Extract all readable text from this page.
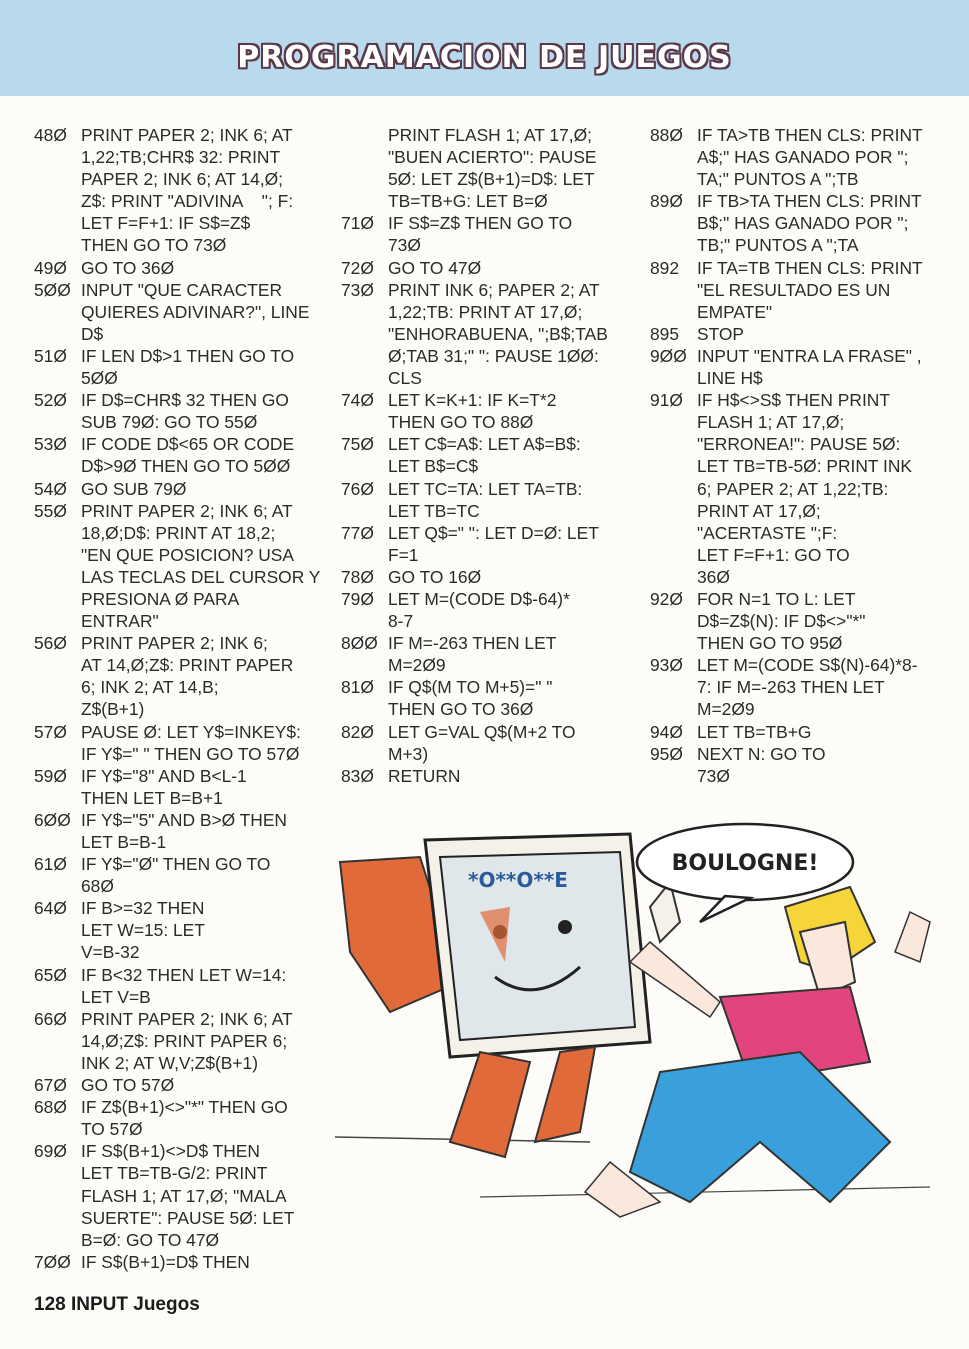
PROGRAMACION DE JUEGOS
48Ø PRINT PAPER 2; INK 6; AT
1,22;TB;CHR$ 32: PRINT
PAPER 2; INK 6; AT 14,Ø;
Z$: PRINT "ADIVINA    "; F:
LET F=F+1: IF S$=Z$
THEN GO TO 73Ø
49Ø GO TO 36Ø
5ØØ INPUT "QUE CARACTER
QUIERES ADIVINAR?", LINE
D$
51Ø IF LEN D$>1 THEN GO TO
5ØØ
52Ø IF D$=CHR$ 32 THEN GO
SUB 79Ø: GO TO 55Ø
53Ø IF CODE D$<65 OR CODE
D$>9Ø THEN GO TO 5ØØ
54Ø GO SUB 79Ø
55Ø PRINT PAPER 2; INK 6; AT
18,Ø;D$: PRINT AT 18,2;
"EN QUE POSICION? USA
LAS TECLAS DEL CURSOR Y
PRESIONA Ø PARA
ENTRAR"
56Ø PRINT PAPER 2; INK 6;
AT 14,Ø;Z$: PRINT PAPER
6; INK 2; AT 14,B;
Z$(B+1)
57Ø PAUSE Ø: LET Y$=INKEY$:
IF Y$=" " THEN GO TO 57Ø
59Ø IF Y$="8" AND B<L-1
THEN LET B=B+1
6ØØ IF Y$="5" AND B>Ø THEN
LET B=B-1
61Ø IF Y$="Ø" THEN GO TO
68Ø
64Ø IF B>=32 THEN
LET W=15: LET
V=B-32
65Ø IF B<32 THEN LET W=14:
LET V=B
66Ø PRINT PAPER 2; INK 6; AT
14,Ø;Z$: PRINT PAPER 6;
INK 2; AT W,V;Z$(B+1)
67Ø GO TO 57Ø
68Ø IF Z$(B+1)<>"*" THEN GO
TO 57Ø
69Ø IF S$(B+1)<>D$ THEN
LET TB=TB-G/2: PRINT
FLASH 1; AT 17,Ø; "MALA
SUERTE": PAUSE 5Ø: LET
B=Ø: GO TO 47Ø
7ØØ IF S$(B+1)=D$ THEN
PRINT FLASH 1; AT 17,Ø;
"BUEN ACIERTO": PAUSE
5Ø: LET Z$(B+1)=D$: LET
TB=TB+G: LET B=Ø
71Ø IF S$=Z$ THEN GO TO
73Ø
72Ø GO TO 47Ø
73Ø PRINT INK 6; PAPER 2; AT
1,22;TB: PRINT AT 17,Ø;
"ENHORABUENA, ";B$;TAB
Ø;TAB 31;" ": PAUSE 1ØØ:
CLS
74Ø LET K=K+1: IF K=T*2
THEN GO TO 88Ø
75Ø LET C$=A$: LET A$=B$:
LET B$=C$
76Ø LET TC=TA: LET TA=TB:
LET TB=TC
77Ø LET Q$=" ": LET D=Ø: LET
F=1
78Ø GO TO 16Ø
79Ø LET M=(CODE D$-64)*
8-7
8ØØ IF M=-263 THEN LET
M=2Ø9
81Ø IF Q$(M TO M+5)=" "
THEN GO TO 36Ø
82Ø LET G=VAL Q$(M+2 TO
M+3)
83Ø RETURN
88Ø IF TA>TB THEN CLS: PRINT
A$;" HAS GANADO POR ";
TA;" PUNTOS A ";TB
89Ø IF TB>TA THEN CLS: PRINT
B$;" HAS GANADO POR ";
TB;" PUNTOS A ";TA
892 IF TA=TB THEN CLS: PRINT
"EL RESULTADO ES UN
EMPATE"
895 STOP
9ØØ INPUT "ENTRA LA FRASE" ,
LINE H$
91Ø IF H$<>S$ THEN PRINT
FLASH 1; AT 17,Ø;
"ERRONEA!": PAUSE 5Ø:
LET TB=TB-5Ø: PRINT INK
6; PAPER 2; AT 1,22;TB:
PRINT AT 17,Ø;
"ACERTASTE ";F:
LET F=F+1: GO TO
36Ø
92Ø FOR N=1 TO L: LET
D$=Z$(N): IF D$<>"*"
THEN GO TO 95Ø
93Ø LET M=(CODE S$(N)-64)*8-
7: IF M=-263 THEN LET
M=2Ø9
94Ø LET TB=TB+G
95Ø NEXT N: GO TO
73Ø
*O**O**E
BOULOGNE!
128 INPUT Juegos
